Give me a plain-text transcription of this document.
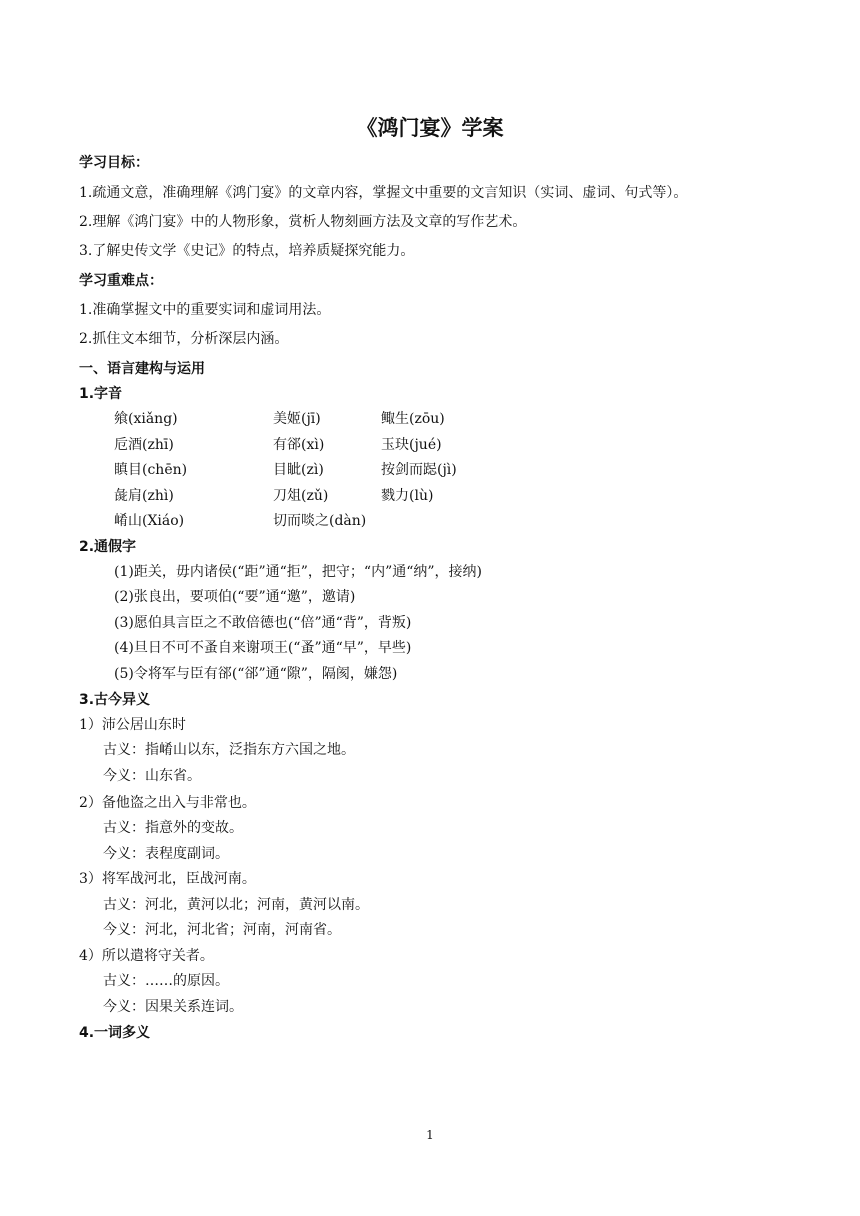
《鸿门宴》学案
学习目标：
1.疏通文意，准确理解《鸿门宴》的文章内容，掌握文中重要的文言知识（实词、虚词、句式等）。
2.理解《鸿门宴》中的人物形象，赏析人物刻画方法及文章的写作艺术。
3.了解史传文学《史记》的特点，培养质疑探究能力。
学习重难点：
1.准确掌握文中的重要实词和虚词用法。
2.抓住文本细节，分析深层内涵。
一、语言建构与运用
1.字音
飨(xiǎng)	美姬(jī)	鲰生(zōu)
卮酒(zhī)	有郤(xì)	玉玦(jué)
瞋目(chēn)	目眦(zì)	按剑而跽(jì)
彘肩(zhì)	刀俎(zǔ)	戮力(lù)
崤山(Xiáo)	切而啖之(dàn)
2.通假字
(1)距关，毋内诸侯(“距”通“拒”，把守；“内”通“纳”，接纳)
(2)张良出，要项伯(“要”通“邀”，邀请)
(3)愿伯具言臣之不敢倍德也(“倍”通“背”，背叛)
(4)旦日不可不蚤自来谢项王(“蚤”通“早”，早些)
(5)令将军与臣有郤(“郤”通“隙”，隔阂，嫌怨)
3.古今异义
1）沛公居山东时
古义：指崤山以东，泛指东方六国之地。
今义：山东省。
2）备他盗之出入与非常也。
古义：指意外的变故。
今义：表程度副词。
3）将军战河北，臣战河南。
古义：河北，黄河以北；河南，黄河以南。
今义：河北，河北省；河南，河南省。
4）所以遣将守关者。
古义：……的原因。
今义：因果关系连词。
4.一词多义
1
